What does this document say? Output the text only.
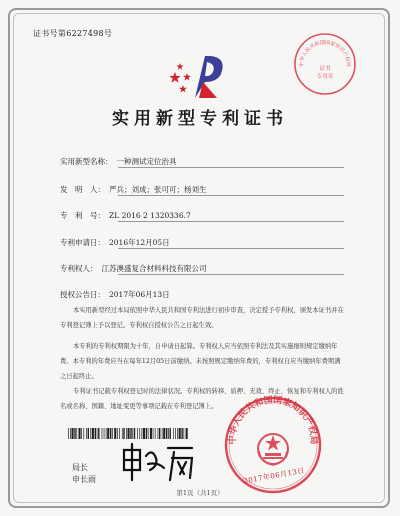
证书号第6227498号
中华人民共和国国家知识产权局
证书
专用章
实用新型专利证书
实用新型名称： 一种测试定位治具
发　明　人： 严兵；刘成；张可可；杨刘生
专　利　号： ZL 2016 2 1320336.7
专利申请日： 2016年12月05日
专利权人： 江苏澳盛复合材料科技有限公司
授权公告日： 2017年06月13日
本实用新型经过本局依照中华人民共和国专利法进行初步审查，决定授予专利权，颁发本证书并在专利登记簿上予以登记。专利权自授权公告之日起生效。
本专利的专利权期限为十年，自申请日起算。专利权人应当依照专利法及其实施细则规定缴纳年费。本专利的年费应当在每年12月05日前缴纳。未按照规定缴纳年费的，专利权自应当缴纳年费期满之日起终止。
专利证书记载专利权登记时的法律状况。专利权的转移、质押、无效、终止、恢复和专利权人的姓名或名称、国籍、地址变更等事项记载在专利登记簿上。
局长
申长雨
中华人民共和国国家知识产权局
2017年06月13日
第1页（共1页）
